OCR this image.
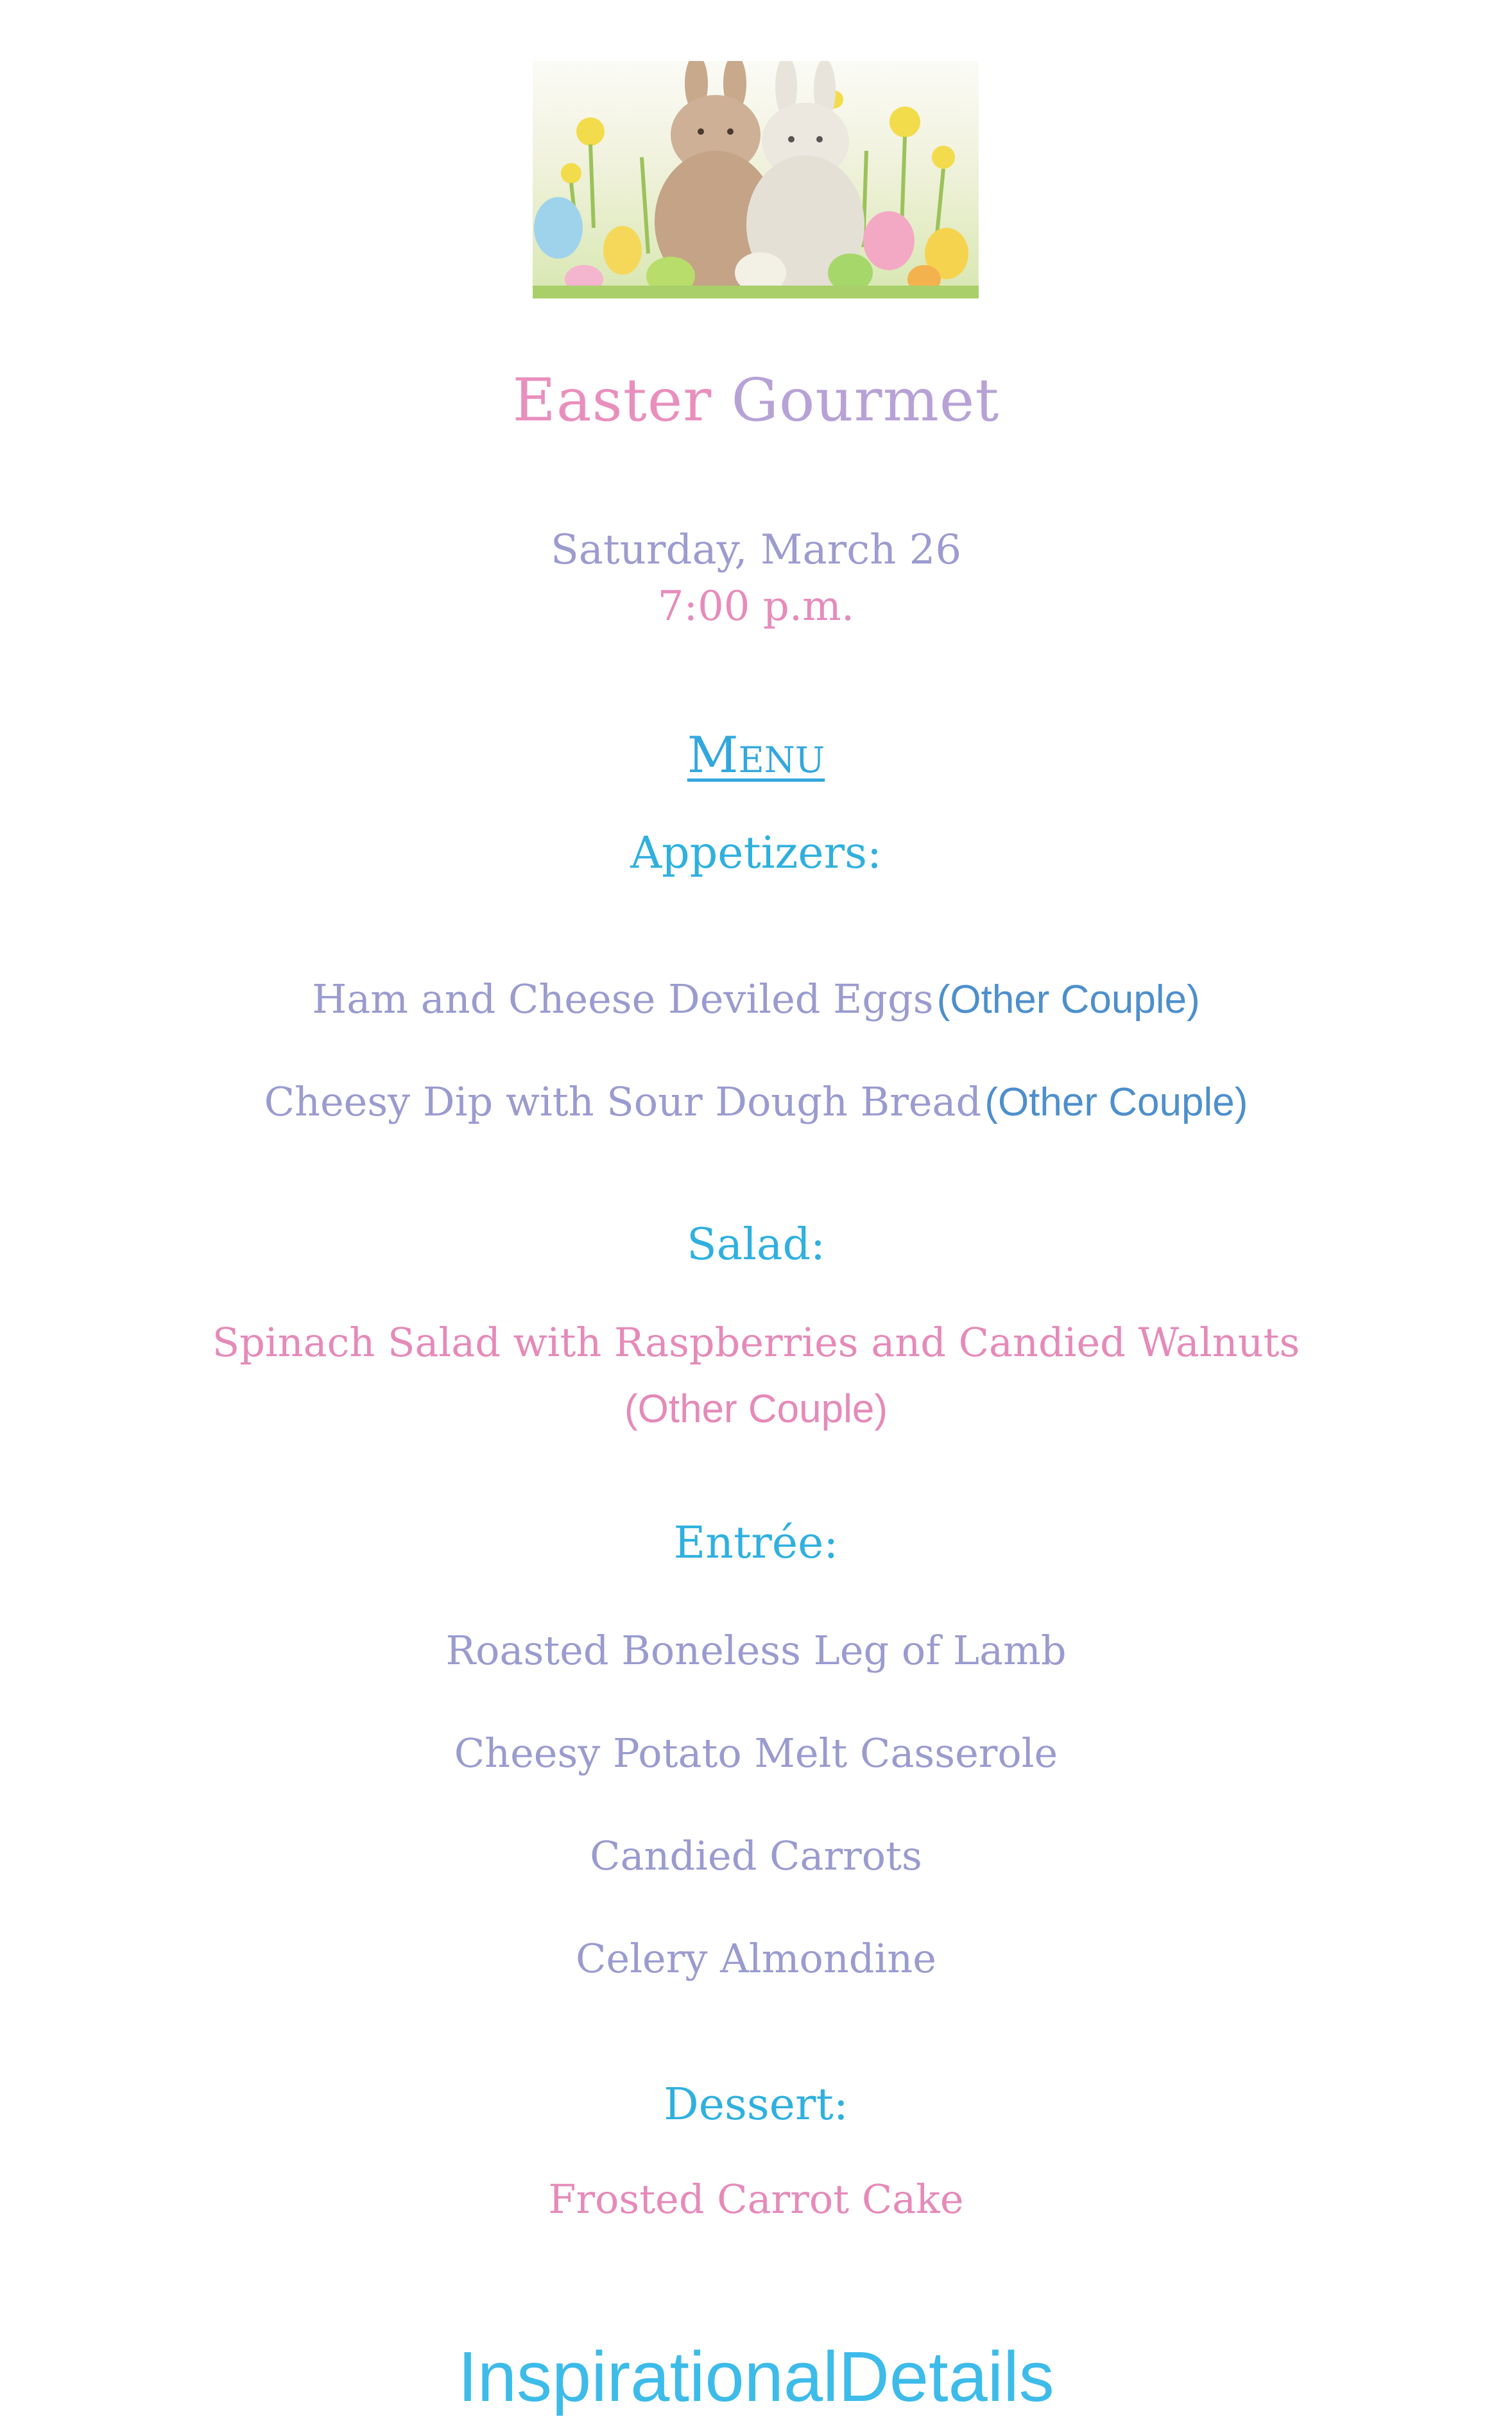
Easter Gourmet
Saturday, March 26
7:00 p.m.
Menu
Appetizers:
Ham and Cheese Deviled Eggs (Other Couple)
Cheesy Dip with Sour Dough Bread (Other Couple)
Salad:
Spinach Salad with Raspberries and Candied Walnuts
(Other Couple)
Entrée:
Roasted Boneless Leg of Lamb
Cheesy Potato Melt Casserole
Candied Carrots
Celery Almondine
Dessert:
Frosted Carrot Cake
InspirationalDetails
